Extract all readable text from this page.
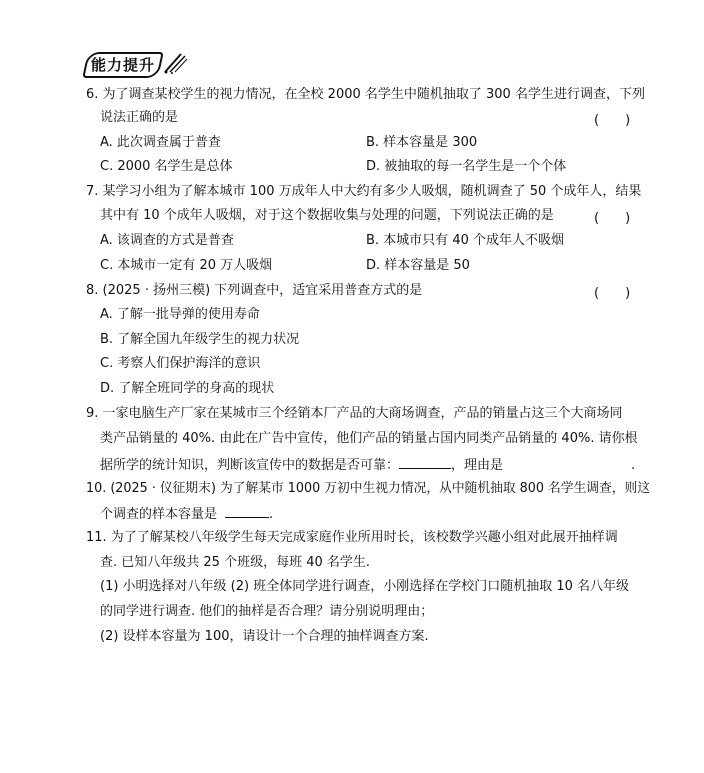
能力提升
6. 为了调查某校学生的视力情况，在全校 2000 名学生中随机抽取了 300 名学生进行调查，下列
说法正确的是	(　　)
A. 此次调查属于普查	B. 样本容量是 300
C. 2000 名学生是总体	D. 被抽取的每一名学生是一个个体
7. 某学习小组为了解本城市 100 万成年人中大约有多少人吸烟，随机调查了 50 个成年人，结果
其中有 10 个成年人吸烟，对于这个数据收集与处理的问题，下列说法正确的是	(　　)
A. 该调查的方式是普查	B. 本城市只有 40 个成年人不吸烟
C. 本城市一定有 20 万人吸烟	D. 样本容量是 50
8. (2025 · 扬州三模) 下列调查中，适宜采用普查方式的是	(　　)
A. 了解一批导弹的使用寿命
B. 了解全国九年级学生的视力状况
C. 考察人们保护海洋的意识
D. 了解全班同学的身高的现状
9. 一家电脑生产厂家在某城市三个经销本厂产品的大商场调查，产品的销量占这三个大商场同
类产品销量的 40%. 由此在广告中宣传，他们产品的销量占国内同类产品销量的 40%. 请你根
据所学的统计知识，判断该宣传中的数据是否可靠：	，理由是	.
10. (2025 · 仪征期末) 为了解某市 1000 万初中生视力情况，从中随机抽取 800 名学生调查，则这
个调查的样本容量是	.
11. 为了了解某校八年级学生每天完成家庭作业所用时长，该校数学兴趣小组对此展开抽样调
查. 已知八年级共 25 个班级，每班 40 名学生.
(1) 小明选择对八年级 (2) 班全体同学进行调查，小刚选择在学校门口随机抽取 10 名八年级
的同学进行调查. 他们的抽样是否合理？请分别说明理由；
(2) 设样本容量为 100，请设计一个合理的抽样调查方案.
